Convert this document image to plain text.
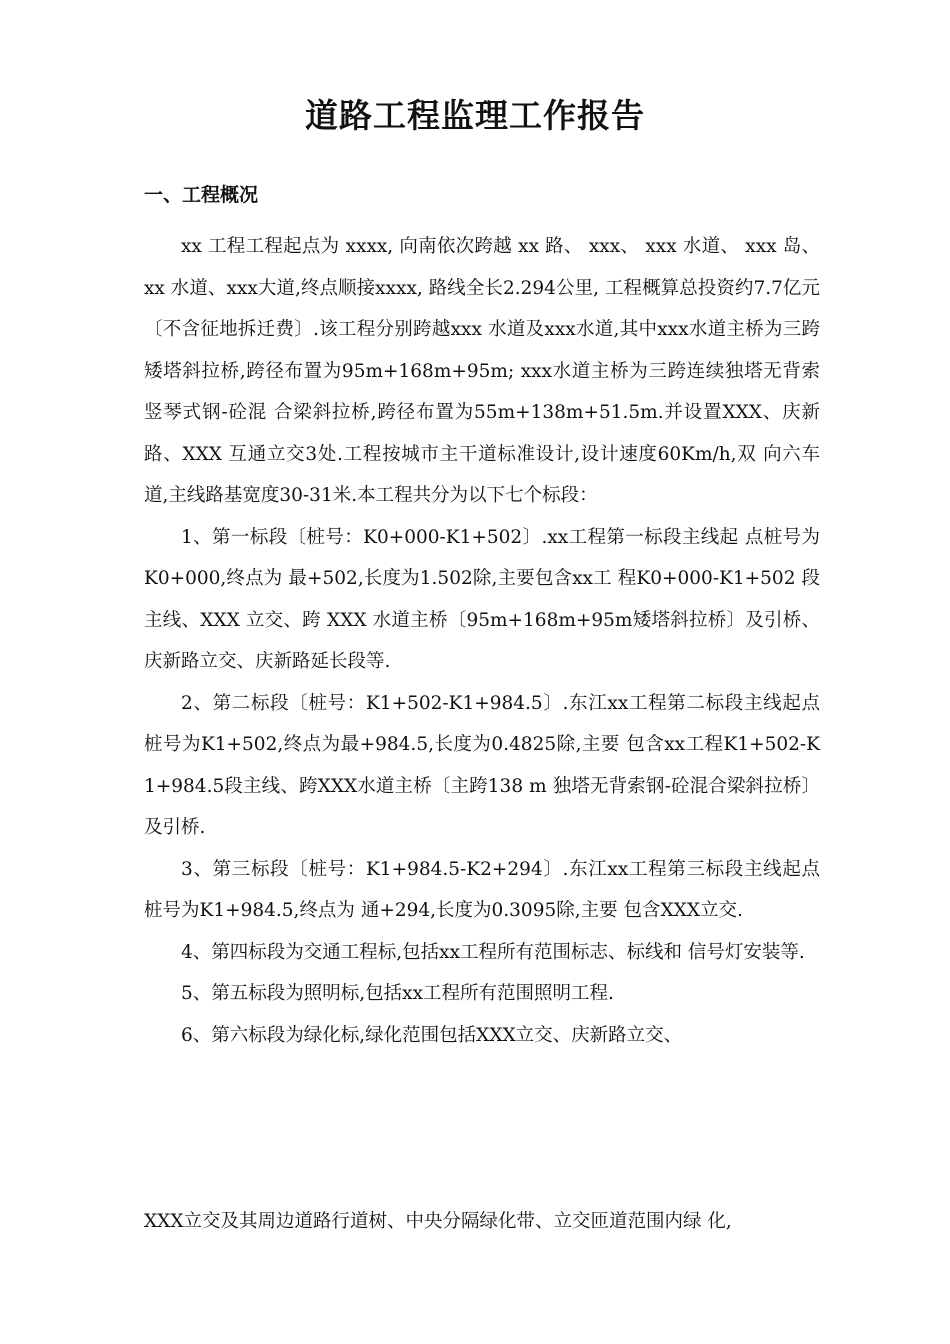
道路工程监理工作报告
一、工程概况

xx 工程工程起点为 xxxx, 向南依次跨越 xx 路、 xxx、 xxx 水道、 xxx 岛、xx 水道、xxx大道,终点顺接xxxx, 路线全长2.294公里, 工程概算总投资约7.7亿元〔不含征地拆迁费〕.该工程分别跨越xxx 水道及xxx水道,其中xxx水道主桥为三跨矮塔斜拉桥,跨径布置为95m+168m+95m; xxx水道主桥为三跨连续独塔无背索竖琴式钢-砼混 合梁斜拉桥,跨径布置为55m+138m+51.5m.并设置XXX、庆新路、XXX 互通立交3处.工程按城市主干道标准设计,设计速度60Km/h,双 向六车道,主线路基宽度30-31米.本工程共分为以下七个标段：

1、第一标段〔桩号：K0+000-K1+502〕.xx工程第一标段主线起 点桩号为K0+000,终点为 最+502,长度为1.502除,主要包含xx工 程K0+000-K1+502 段主线、XXX 立交、跨 XXX 水道主桥〔95m+168m+95m矮塔斜拉桥〕及引桥、庆新路立交、庆新路延长段等.

2、第二标段〔桩号：K1+502-K1+984.5〕.东江xx工程第二标段主线起点桩号为K1+502,终点为最+984.5,长度为0.4825除,主要 包含xx工程K1+502-K1+984.5段主线、跨XXX水道主桥〔主跨138 m 独塔无背索钢-砼混合梁斜拉桥〕及引桥.

3、第三标段〔桩号：K1+984.5-K2+294〕.东江xx工程第三标段主线起点桩号为K1+984.5,终点为 通+294,长度为0.3095除,主要 包含XXX立交.

4、第四标段为交通工程标,包括xx工程所有范围标志、标线和 信号灯安装等.

5、第五标段为照明标,包括xx工程所有范围照明工程.

6、第六标段为绿化标,绿化范围包括XXX立交、庆新路立交、

XXX立交及其周边道路行道树、中央分隔绿化带、立交匝道范围内绿 化,
